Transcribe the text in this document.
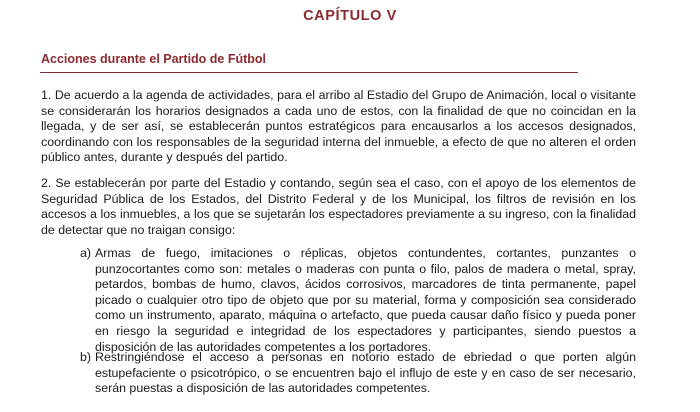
CAPÍTULO V
Acciones durante el Partido de Fútbol

1. De acuerdo a la agenda de actividades, para el arribo al Estadio del Grupo de Animación, local o visitante se considerarán los horarios designados a cada uno de estos, con la finalidad de que no coincidan en la llegada, y de ser así, se establecerán puntos estratégicos para encausarlos a los accesos designados, coordinando con los responsables de la seguridad interna del inmueble, a efecto de que no alteren el orden público antes, durante y después del partido.

2. Se establecerán por parte del Estadio y contando, según sea el caso, con el apoyo de los elementos de Seguridad Pública de los Estados, del Distrito Federal y de los Municipal, los filtros de revisión en los accesos a los inmuebles, a los que se sujetarán los espectadores previamente a su ingreso, con la finalidad de detectar que no traigan consigo:

a) Armas de fuego, imitaciones o réplicas, objetos contundentes, cortantes, punzantes o punzocortantes como son: metales o maderas con punta o filo, palos de madera o metal, spray, petardos, bombas de humo, clavos, ácidos corrosivos, marcadores de tinta permanente, papel picado o cualquier otro tipo de objeto que por su material, forma y composición sea considerado como un instrumento, aparato, máquina o artefacto, que pueda causar daño físico y pueda poner en riesgo la seguridad e integridad de los espectadores y participantes, siendo puestos a disposición de las autoridades competentes a los portadores.
b) Restringiéndose el acceso a personas en notorio estado de ebriedad o que porten algún estupefaciente o psicotrópico, o se encuentren bajo el influjo de este y en caso de ser necesario, serán puestas a disposición de las autoridades competentes.
